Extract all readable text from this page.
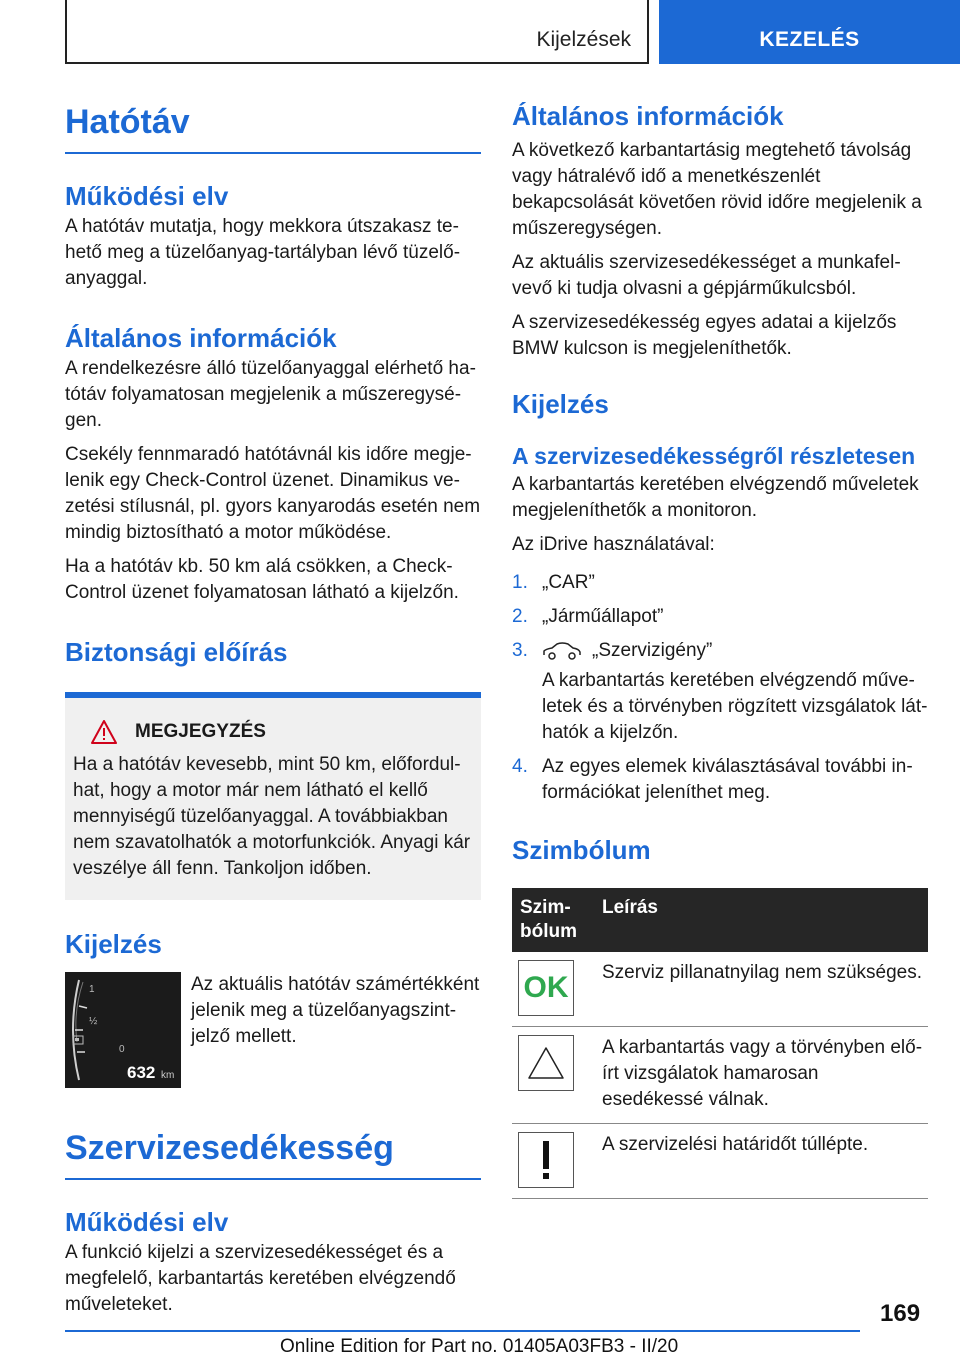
Kijelzések	KEZELÉS
Hatótáv
Működési elv
A hatótáv mutatja, hogy mekkora útszakasz tehető meg a tüzelőanyag-tartályban lévő tüzelőanyaggal.
Általános információk
A rendelkezésre álló tüzelőanyaggal elérhető hatótáv folyamatosan megjelenik a műszeregységen.
Csekély fennmaradó hatótávnál kis időre megjelenik egy Check-Control üzenet. Dinamikus vezetési stílusnál, pl. gyors kanyarodás esetén nem mindig biztosítható a motor működése.
Ha a hatótáv kb. 50 km alá csökken, a Check-Control üzenet folyamatosan látható a kijelzőn.
Biztonsági előírás
MEGJEGYZÉS
Ha a hatótáv kevesebb, mint 50 km, előfordulhat, hogy a motor már nem látható el kellő mennyiségű tüzelőanyaggal. A továbbiakban nem szavatolhatók a motorfunkciók. Anyagi kár veszélye áll fenn. Tankoljon időben.
Kijelzés
1
½
0
632 km
Az aktuális hatótáv számértékként jelenik meg a tüzelőanyagszintjelző mellett.
Szervizesedékesség
Működési elv
A funkció kijelzi a szervizesedékességet és a megfelelő, karbantartás keretében elvégzendő műveleteket.
Általános információk
A következő karbantartásig megtehető távolság vagy hátralévő idő a menetkészenlét bekapcsolását követően rövid időre megjelenik a műszeregységen.
Az aktuális szervizesedékességet a munkafelvevő ki tudja olvasni a gépjárműkulcsból.
A szervizesedékesség egyes adatai a kijelzős BMW kulcson is megjeleníthetők.
Kijelzés
A szervizesedékességről részletesen
A karbantartás keretében elvégzendő műveletek megjeleníthetők a monitoron.
Az iDrive használatával:
1. „CAR”
2. „Járműállapot”
3.	„Szervizigény”
A karbantartás keretében elvégzendő műveletek és a törvényben rögzített vizsgálatok láthatók a kijelzőn.
4. Az egyes elemek kiválasztásával további információkat jeleníthet meg.
Szimbólum
Szimbólum	Leírás

OK	Szerviz pillanatnyilag nem szükséges.

	A karbantartás vagy a törvényben előírt vizsgálatok hamarosan esedékessé válnak.

	A szervizelési határidőt túllépte.
169
Online Edition for Part no. 01405A03FB3 - II/20
